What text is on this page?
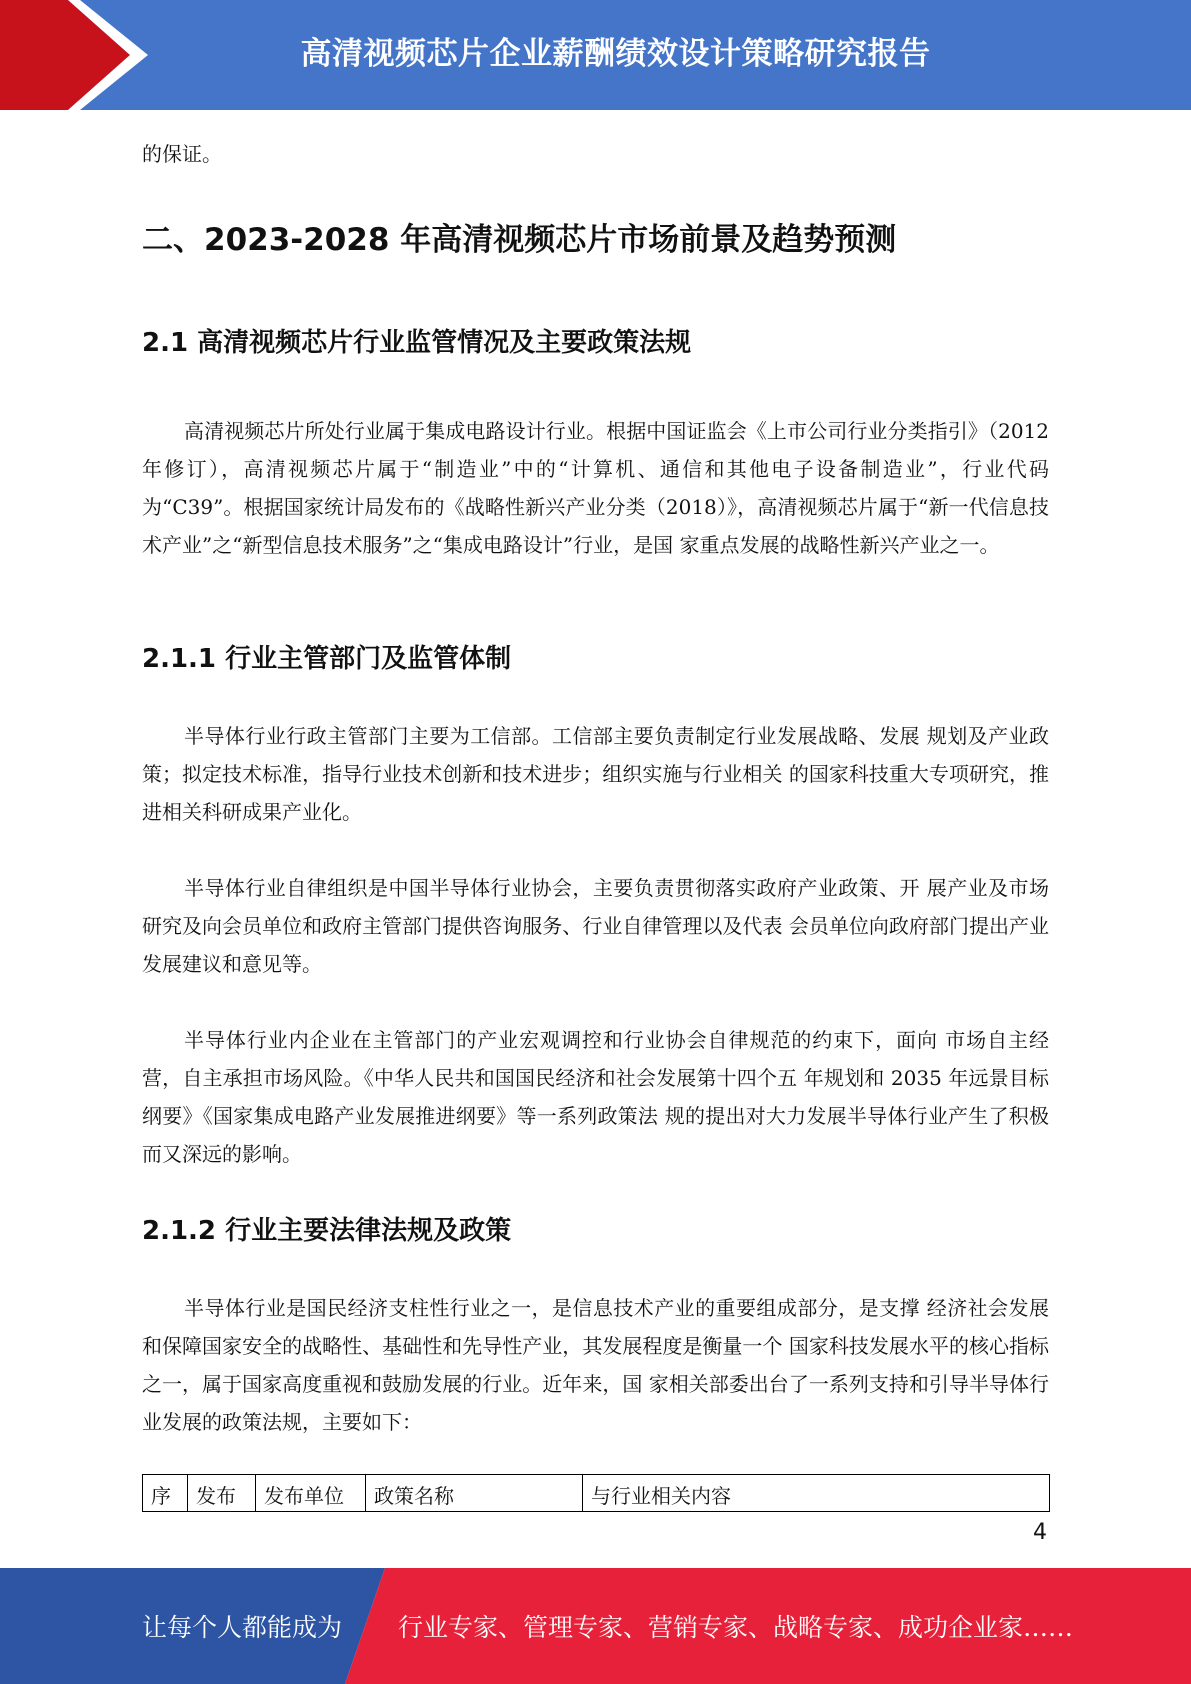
高清视频芯片企业薪酬绩效设计策略研究报告

的保证。

二、2023-2028 年高清视频芯片市场前景及趋势预测
2.1 高清视频芯片行业监管情况及主要政策法规

高清视频芯片所处行业属于集成电路设计行业。根据中国证监会《上市公司行业分类指引》（2012 年修订），高清视频芯片属于“制造业”中的“计算机、通信和其他电子设备制造业”，行业代码为“C39”。根据国家统计局发布的《战略性新兴产业分类（2018）》，高清视频芯片属于“新一代信息技术产业”之“新型信息技术服务”之“集成电路设计”行业，是国 家重点发展的战略性新兴产业之一。

2.1.1 行业主管部门及监管体制

半导体行业行政主管部门主要为工信部。工信部主要负责制定行业发展战略、发展 规划及产业政策；拟定技术标准，指导行业技术创新和技术进步；组织实施与行业相关 的国家科技重大专项研究，推进相关科研成果产业化。

半导体行业自律组织是中国半导体行业协会，主要负责贯彻落实政府产业政策、开 展产业及市场研究及向会员单位和政府主管部门提供咨询服务、行业自律管理以及代表 会员单位向政府部门提出产业发展建议和意见等。

半导体行业内企业在主管部门的产业宏观调控和行业协会自律规范的约束下，面向 市场自主经营，自主承担市场风险。《中华人民共和国国民经济和社会发展第十四个五 年规划和 2035 年远景目标纲要》《国家集成电路产业发展推进纲要》等一系列政策法 规的提出对大力发展半导体行业产生了积极而又深远的影响。

2.1.2 行业主要法律法规及政策

半导体行业是国民经济支柱性行业之一，是信息技术产业的重要组成部分，是支撑 经济社会发展和保障国家安全的战略性、基础性和先导性产业，其发展程度是衡量一个 国家科技发展水平的核心指标之一，属于国家高度重视和鼓励发展的行业。近年来，国 家相关部委出台了一系列支持和引导半导体行业发展的政策法规，主要如下：

序	发布	发布单位	政策名称	与行业相关内容
4
让每个人都能成为 行业专家、管理专家、营销专家、战略专家、成功企业家……
